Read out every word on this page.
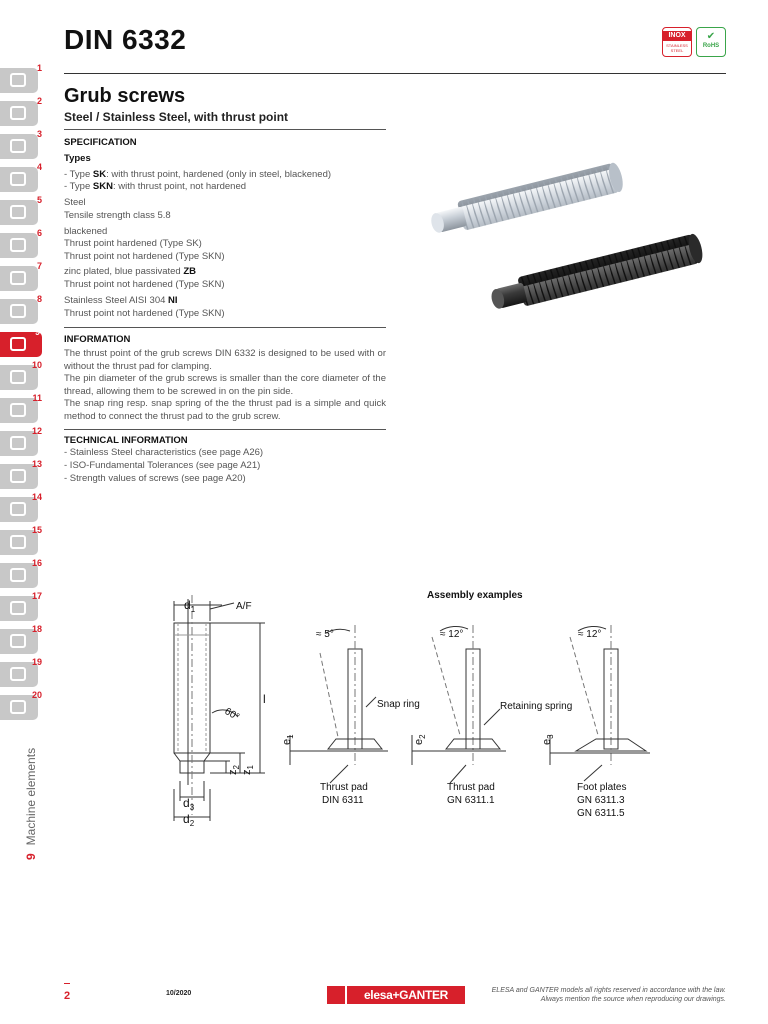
1
2
3
4
5
6
7
8
9
10
11
12
13
14
15
16
17
18
19
20
9Machine elements
DIN 6332	INOX
STAINLESS STEEL
✔
RoHS
Grub screws
Steel / Stainless Steel, with thrust point
SPECIFICATION
Types
- Type SK: with thrust point, hardened (only in steel, blackened)
- Type SKN: with thrust point, not hardened
Steel
Tensile strength class 5.8
blackened
Thrust point hardened (Type SK)
Thrust point not hardened (Type SKN)
zinc plated, blue passivated ZB
Thrust point not hardened (Type SKN)
Stainless Steel AISI 304 NI
Thrust point not hardened (Type SKN)
INFORMATION
The thrust point of the grub screws DIN 6332 is designed to be used with or without the thrust pad for clamping.
The pin diameter of the grub screws is smaller than the core diameter of the thread, allowing them to be screwed in on the pin side.
The snap ring resp. snap spring of the the thrust pad is a simple and quick method to connect the thrust pad to the grub screw.
TECHNICAL INFORMATION
- Stainless Steel characteristics (see page A26)
- ISO-Fundamental Tolerances (see page A21)
- Strength values of screws (see page A20)
$d_1$	A/F
60°
l
$z_2$
$z_1$
$d_3$
$d_2$
Assembly examples
≈ 5°
$e_1$
Snap ring
Thrust pad
DIN 6311
≈ 12°
$e_2$
Retaining spring
Thrust pad
GN 6311.1
≈ 12°
$e_3$
Foot plates
GN 6311.3
GN 6311.5
2	10/2020	elesa+GANTER	ELESA and GANTER models all rights reserved in accordance with the law.
Always mention the source when reproducing our drawings.
